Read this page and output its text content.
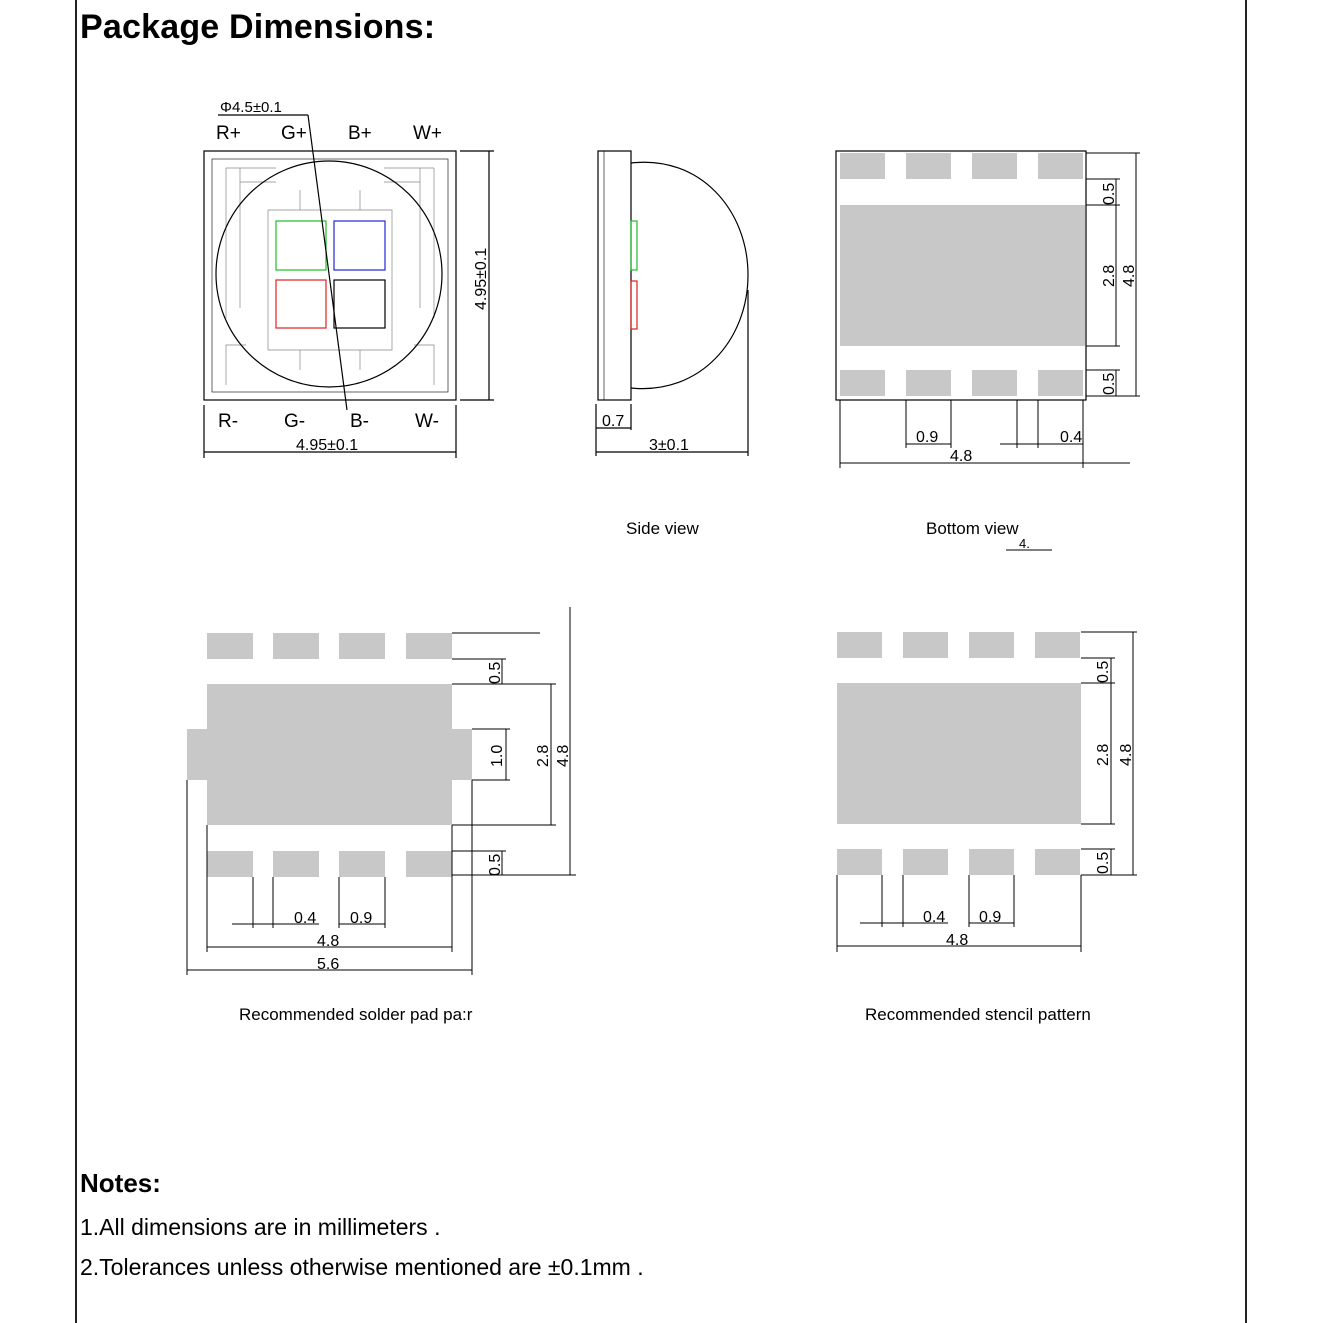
Package Dimensions:
Φ4.5±0.1
R+ G+ B+ W+
R- G- B- W-
4.95±0.1
4.95±0.1
0.7
3±0.1
Side view
0.5
2.8 4.8
0.5
0.9	0.4
4.8
Bottom view
4.
0.5
1.0 2.8 4.8
0.5
0.4 0.9
4.8
5.6
Recommended solder pad pa:r
0.5
2.8 4.8
0.5
0.4 0.9
4.8
Recommended stencil pattern
Notes:
1.All dimensions are in millimeters .
2.Tolerances unless otherwise mentioned are ±0.1mm .
